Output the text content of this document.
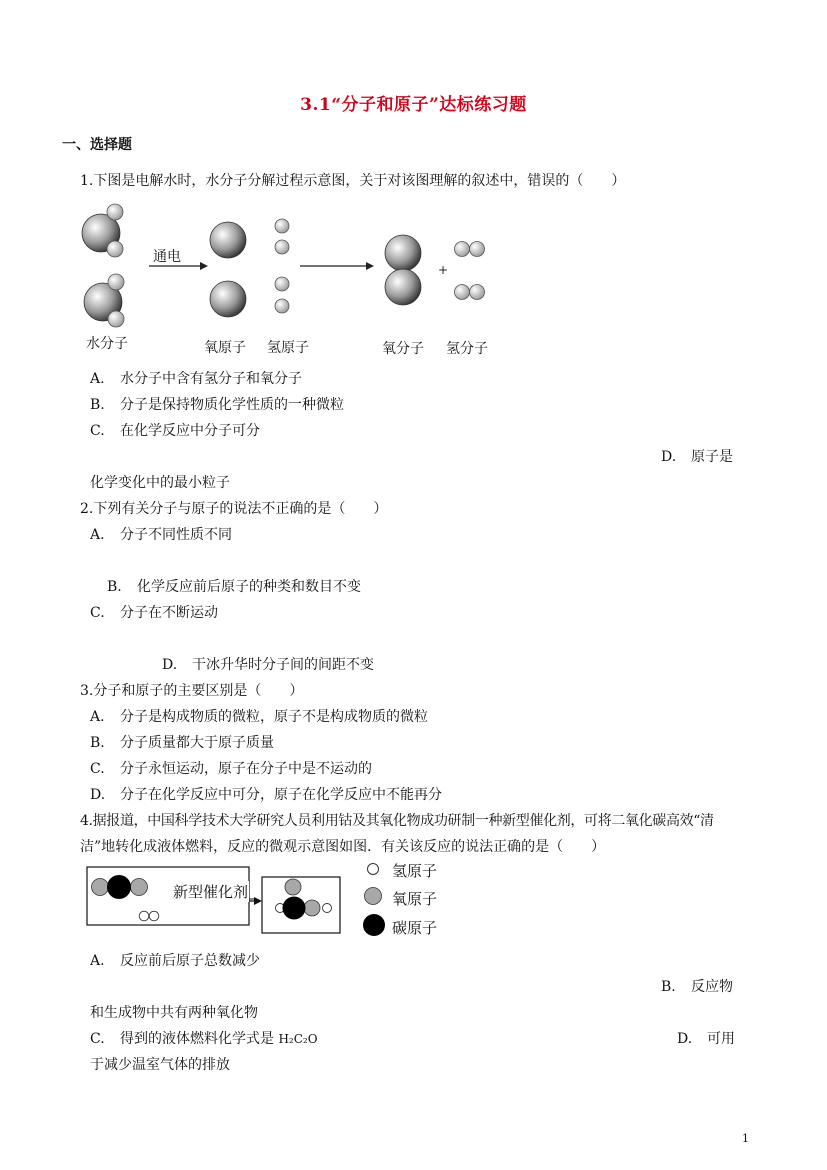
3.1“分子和原子”达标练习题
一、选择题
1.下图是电解水时，水分子分解过程示意图，关于对该图理解的叙述中，错误的（　　）
+
通电
水分子	氧原子 氢原子	氧分子 氢分子
A. 水分子中含有氢分子和氧分子
B. 分子是保持物质化学性质的一种微粒
C. 在化学反应中分子可分
D. 原子是
化学变化中的最小粒子
2.下列有关分子与原子的说法不正确的是（　　）
A. 分子不同性质不同
B. 化学反应前后原子的种类和数目不变
C. 分子在不断运动
D. 干冰升华时分子间的间距不变
3.分子和原子的主要区别是（　　）
A. 分子是构成物质的微粒，原子不是构成物质的微粒
B. 分子质量都大于原子质量
C. 分子永恒运动，原子在分子中是不运动的
D. 分子在化学反应中可分，原子在化学反应中不能再分
4.据报道，中国科学技术大学研究人员利用钴及其氧化物成功研制一种新型催化剂，可将二氧化碳高效“清
洁”地转化成液体燃料，反应的微观示意图如图．有关该反应的说法正确的是（　　）
新型催化剂
氢原子
氧原子
碳原子
A. 反应前后原子总数减少
B. 反应物
和生成物中共有两种氧化物
C. 得到的液体燃料化学式是 H₂C₂O	D. 可用
于减少温室气体的排放
1
